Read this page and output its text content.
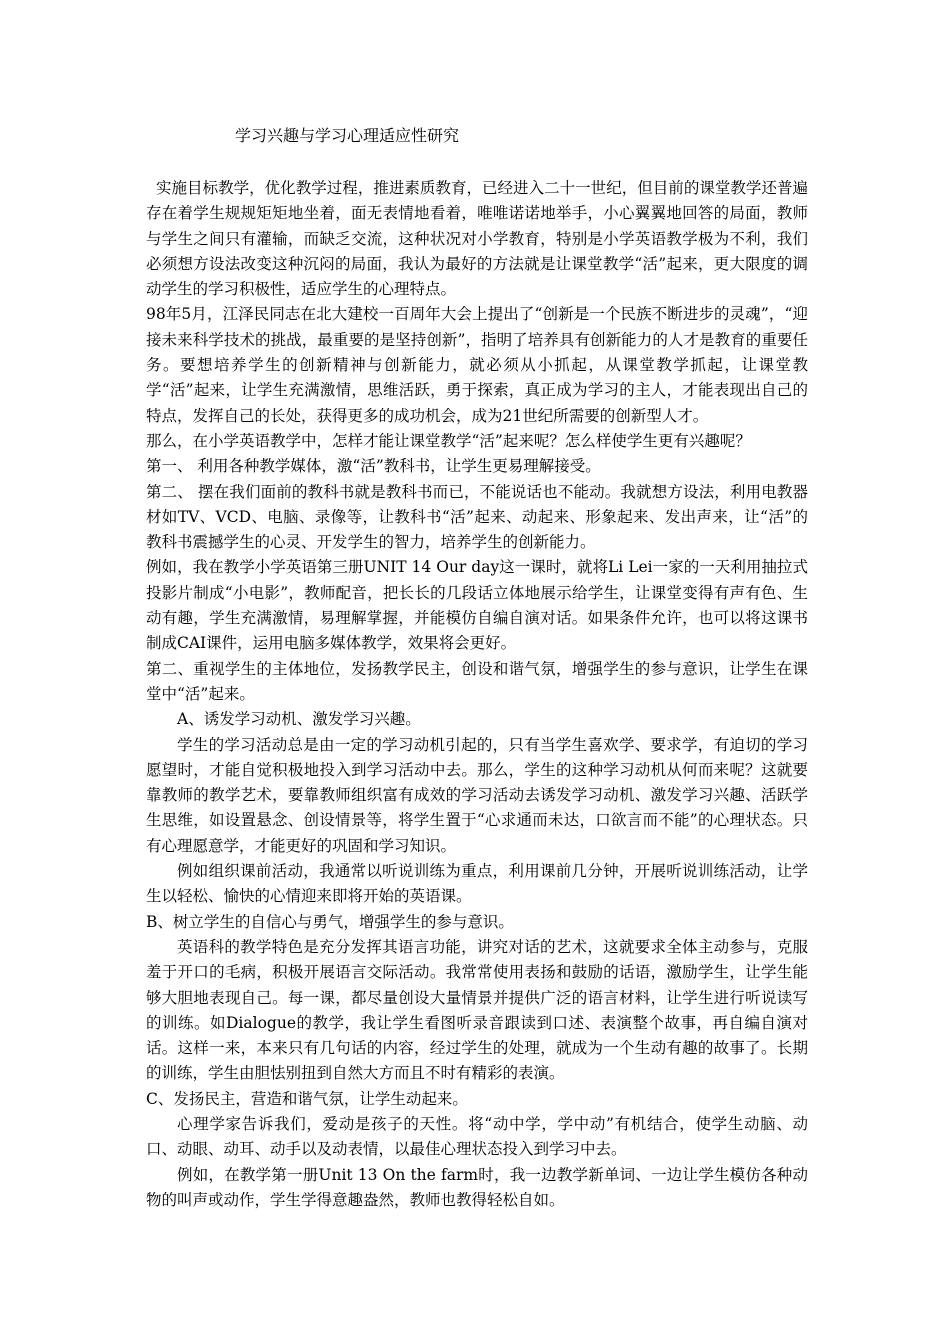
学习兴趣与学习心理适应性研究

实施目标教学，优化教学过程，推进素质教育，已经进入二十一世纪，但目前的课堂教学还普遍存在着学生规规矩矩地坐着，面无表情地看着，唯唯诺诺地举手，小心翼翼地回答的局面，教师与学生之间只有灌输，而缺乏交流，这种状况对小学教育，特别是小学英语教学极为不利，我们必须想方设法改变这种沉闷的局面，我认为最好的方法就是让课堂教学“活”起来，更大限度的调动学生的学习积极性，适应学生的心理特点。

98年5月，江泽民同志在北大建校一百周年大会上提出了“创新是一个民族不断进步的灵魂”，“迎接未来科学技术的挑战，最重要的是坚持创新”，指明了培养具有创新能力的人才是教育的重要任务。要想培养学生的创新精神与创新能力，就必须从小抓起，从课堂教学抓起，让课堂教学“活”起来，让学生充满激情，思维活跃，勇于探索，真正成为学习的主人，才能表现出自己的特点，发挥自己的长处，获得更多的成功机会，成为21世纪所需要的创新型人才。

那么，在小学英语教学中，怎样才能让课堂教学“活”起来呢？怎么样使学生更有兴趣呢？

第一、 利用各种教学媒体，激“活”教科书，让学生更易理解接受。

第二、 摆在我们面前的教科书就是教科书而已，不能说话也不能动。我就想方设法，利用电教器材如TV、VCD、电脑、录像等，让教科书“活”起来、动起来、形象起来、发出声来，让“活”的教科书震撼学生的心灵、开发学生的智力，培养学生的创新能力。

例如，我在教学小学英语第三册UNIT 14 Our day这一课时，就将Li Lei一家的一天利用抽拉式投影片制成“小电影”，教师配音，把长长的几段话立体地展示给学生，让课堂变得有声有色、生动有趣，学生充满激情，易理解掌握，并能模仿自编自演对话。如果条件允许，也可以将这课书制成CAI课件，运用电脑多媒体教学，效果将会更好。

第二、重视学生的主体地位，发扬教学民主，创设和谐气氛，增强学生的参与意识，让学生在课堂中“活”起来。

A、诱发学习动机、激发学习兴趣。

学生的学习活动总是由一定的学习动机引起的，只有当学生喜欢学、要求学，有迫切的学习愿望时，才能自觉积极地投入到学习活动中去。那么，学生的这种学习动机从何而来呢？这就要靠教师的教学艺术，要靠教师组织富有成效的学习活动去诱发学习动机、激发学习兴趣、活跃学生思维，如设置悬念、创设情景等，将学生置于“心求通而未达，口欲言而不能”的心理状态。只有心理愿意学，才能更好的巩固和学习知识。

例如组织课前活动，我通常以听说训练为重点，利用课前几分钟，开展听说训练活动，让学生以轻松、愉快的心情迎来即将开始的英语课。

B、树立学生的自信心与勇气，增强学生的参与意识。

英语科的教学特色是充分发挥其语言功能，讲究对话的艺术，这就要求全体主动参与，克服羞于开口的毛病，积极开展语言交际活动。我常常使用表扬和鼓励的话语，激励学生，让学生能够大胆地表现自己。每一课，都尽量创设大量情景并提供广泛的语言材料，让学生进行听说读写的训练。如Dialogue的教学，我让学生看图听录音跟读到口述、表演整个故事，再自编自演对话。这样一来，本来只有几句话的内容，经过学生的处理，就成为一个生动有趣的故事了。长期的训练，学生由胆怯别扭到自然大方而且不时有精彩的表演。

C、发扬民主，营造和谐气氛，让学生动起来。

心理学家告诉我们，爱动是孩子的天性。将“动中学，学中动”有机结合，使学生动脑、动口、动眼、动耳、动手以及动表情，以最佳心理状态投入到学习中去。

例如，在教学第一册Unit 13 On the farm时，我一边教学新单词、一边让学生模仿各种动物的叫声或动作，学生学得意趣盎然，教师也教得轻松自如。
